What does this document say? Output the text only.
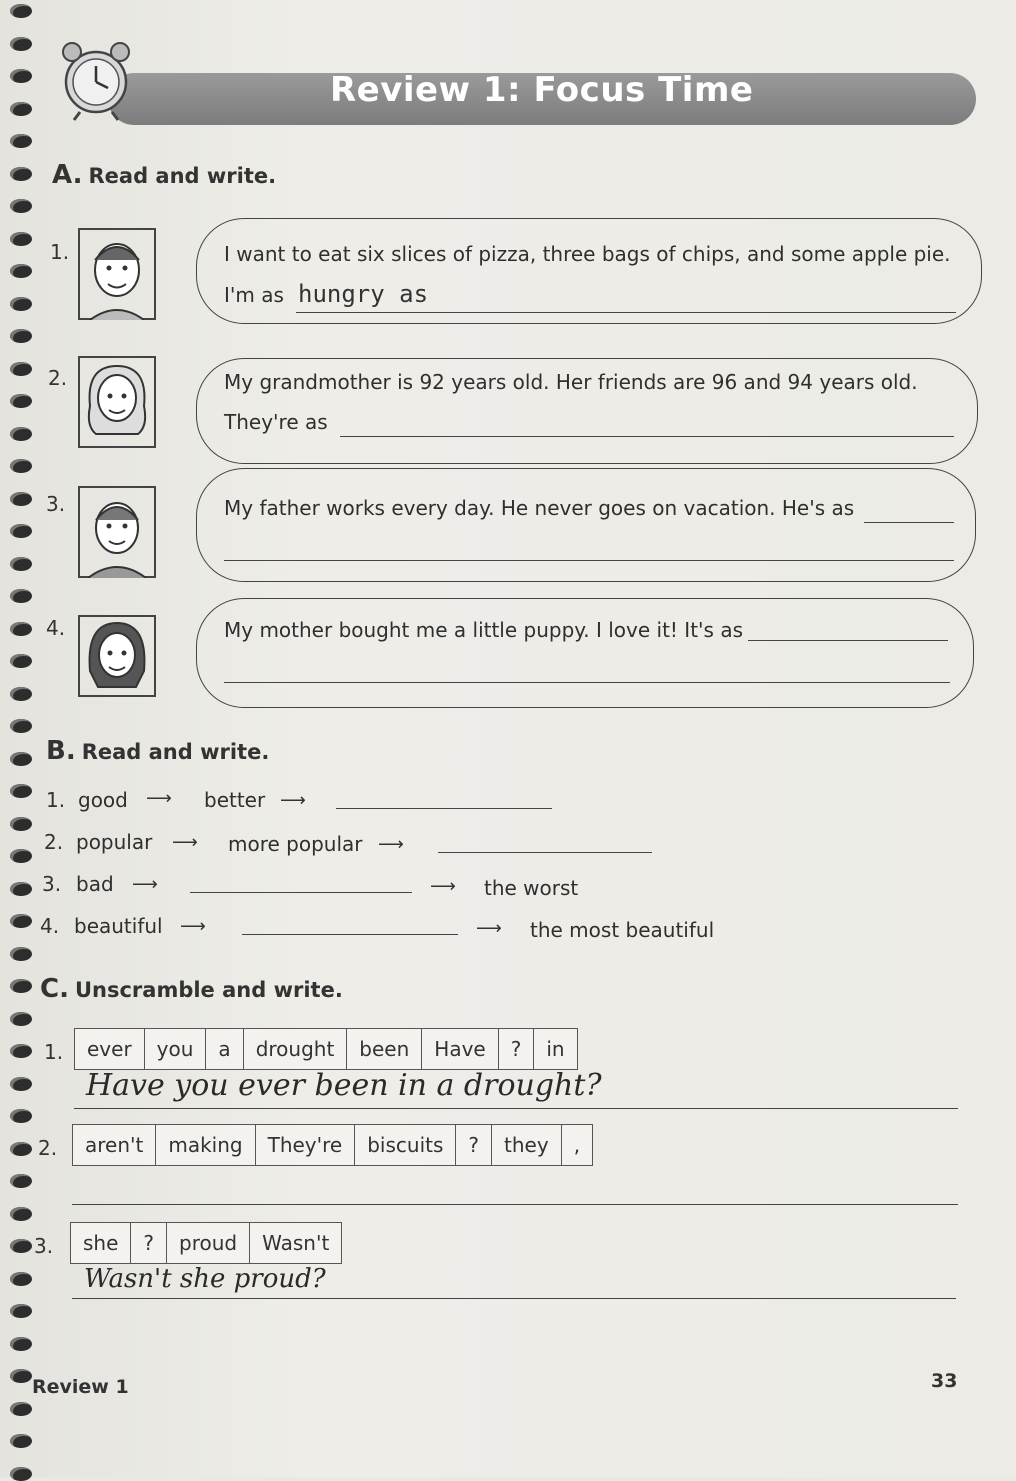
Review 1: Focus Time
A. Read and write.
1.	I want to eat six slices of pizza, three bags of chips, and some apple pie.
I'm as hungry as
2.	My grandmother is 92 years old. Her friends are 96 and 94 years old.
They're as
3.	My father works every day. He never goes on vacation. He's as
4.	My mother bought me a little puppy. I love it! It's as
B. Read and write.
1. good ⟶ better ⟶
2. popular ⟶ more popular ⟶
3. bad ⟶	⟶ the worst
4. beautiful ⟶	⟶ the most beautiful
C. Unscramble and write.
1. ever	you	a	drought	been	Have	?	in
Have you ever been in a drought?
2. aren't	making	They're	biscuits	?	they	,
3. she	?	proud	Wasn't
Wasn't she proud?
Review 1	33
